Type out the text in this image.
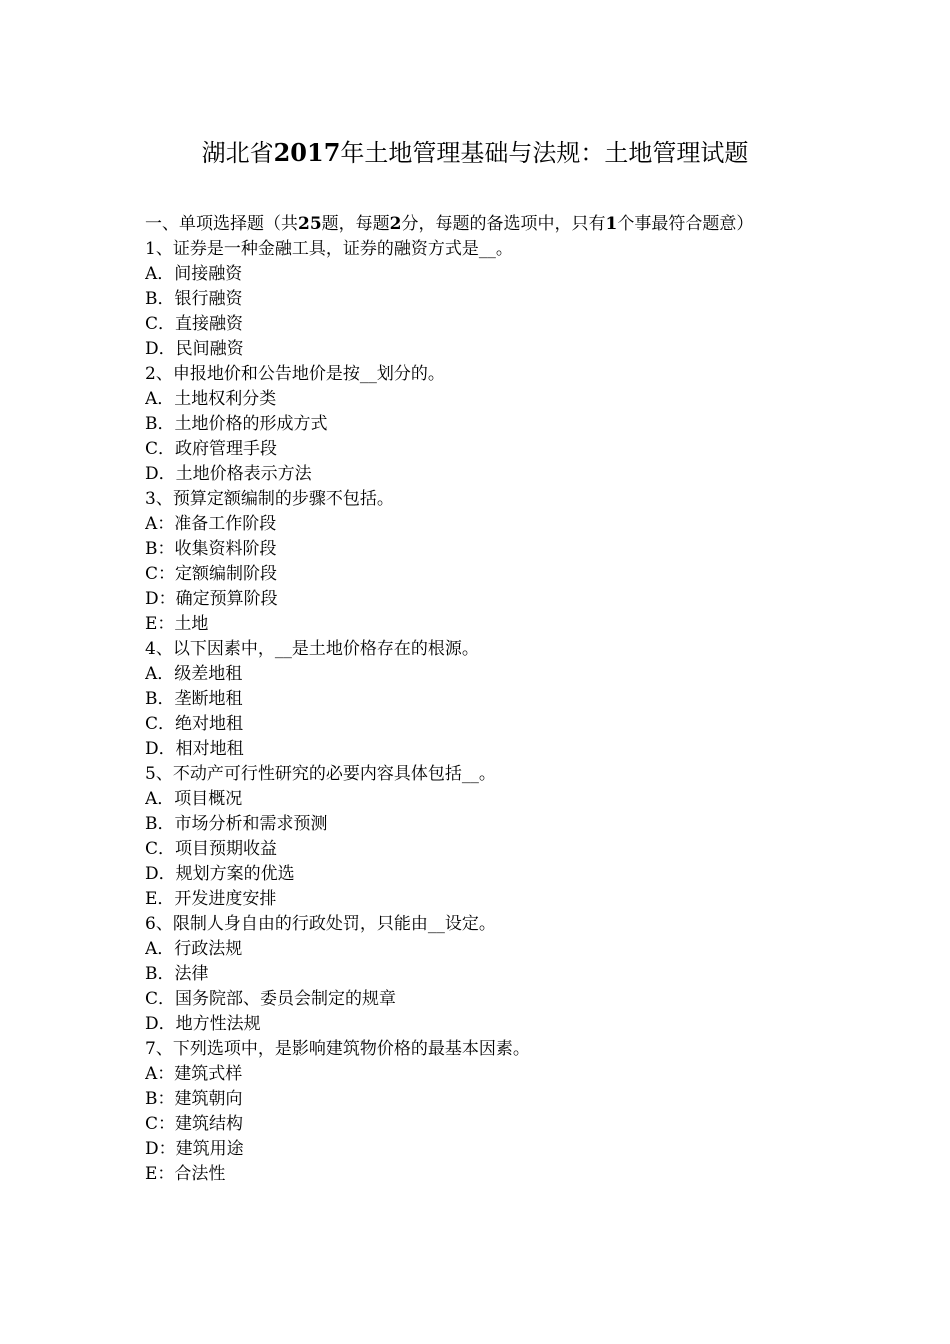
湖北省2017年土地管理基础与法规：土地管理试题
一、单项选择题（共25题，每题2分，每题的备选项中，只有1个事最符合题意）
1、证券是一种金融工具，证券的融资方式是__。
A．间接融资
B．银行融资
C．直接融资
D．民间融资
2、申报地价和公告地价是按__划分的。
A．土地权利分类
B．土地价格的形成方式
C．政府管理手段
D．土地价格表示方法
3、预算定额编制的步骤不包括。
A：准备工作阶段
B：收集资料阶段
C：定额编制阶段
D：确定预算阶段
E：土地
4、以下因素中，__是土地价格存在的根源。
A．级差地租
B．垄断地租
C．绝对地租
D．相对地租
5、不动产可行性研究的必要内容具体包括__。
A．项目概况
B．市场分析和需求预测
C．项目预期收益
D．规划方案的优选
E．开发进度安排
6、限制人身自由的行政处罚，只能由__设定。
A．行政法规
B．法律
C．国务院部、委员会制定的规章
D．地方性法规
7、下列选项中，是影响建筑物价格的最基本因素。
A：建筑式样
B：建筑朝向
C：建筑结构
D：建筑用途
E：合法性
